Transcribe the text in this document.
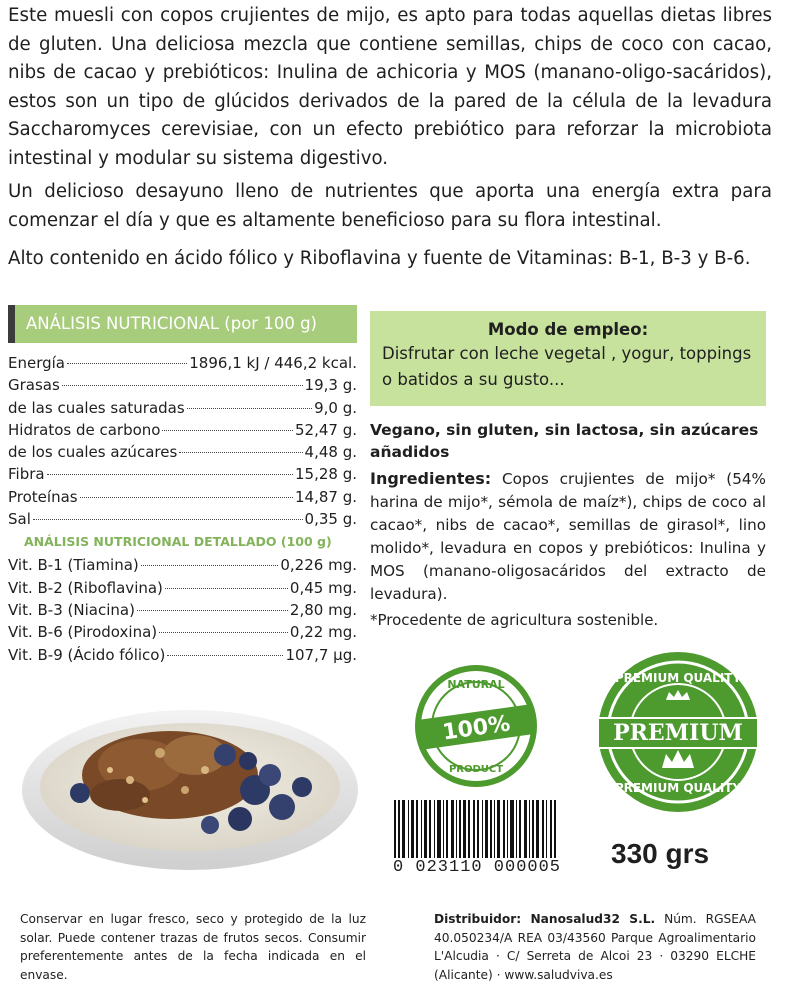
Este muesli con copos crujientes de mijo, es apto para todas aquellas dietas libres de gluten. Una deliciosa mezcla que contiene semillas, chips de coco con cacao, nibs de cacao y prebióticos: Inulina de achicoria y MOS (manano-oligo-sacáridos), estos son un tipo de glúcidos derivados de la pared de la célula de la levadura Saccharomyces cerevisiae, con un efecto prebiótico para reforzar la microbiota intestinal y modular su sistema digestivo.
Un delicioso desayuno lleno de nutrientes que aporta una energía extra para comenzar el día y que es altamente beneficioso para su flora intestinal.
Alto contenido en ácido fólico y Riboflavina y fuente de Vitaminas: B-1, B-3 y B-6.
ANÁLISIS NUTRICIONAL (por 100 g)
Energía	1896,1 kJ / 446,2 kcal.
Grasas	19,3 g.
de las cuales saturadas	9,0 g.
Hidratos de carbono	52,47 g.
de los cuales azúcares	4,48 g.
Fibra	15,28 g.
Proteínas	14,87 g.
Sal	0,35 g.
ANÁLISIS NUTRICIONAL DETALLADO (100 g)
Vit. B-1 (Tiamina)	0,226 mg.
Vit. B-2 (Riboflavina)	0,45 mg.
Vit. B-3 (Niacina)	2,80 mg.
Vit. B-6 (Pirodoxina)	0,22 mg.
Vit. B-9 (Ácido fólico)	107,7 µg.
Modo de empleo:
Disfrutar con leche vegetal , yogur, toppings o batidos a su gusto...
Vegano, sin gluten, sin lactosa, sin azúcares añadidos
Ingredientes: Copos crujientes de mijo* (54% harina de mijo*, sémola de maíz*), chips de coco al cacao*, nibs de cacao*, semillas de girasol*, lino molido*, levadura en copos y prebióticos: Inulina y MOS (manano-oligosacáridos del extracto de levadura).
*Procedente de agricultura sostenible.
NATURAL
100%
PRODUCT
PREMIUM QUALITY
PREMIUM
PREMIUM QUALITY
0 023110 000005	330 grs
Conservar en lugar fresco, seco y protegido de la luz solar. Puede contener trazas de frutos secos. Consumir preferentemente antes de la fecha indicada en el envase.
Distribuidor: Nanosalud32 S.L. Núm. RGSEAA 40.050234/A REA 03/43560 Parque Agroalimentario L'Alcudia · C/ Serreta de Alcoi 23 · 03290 ELCHE (Alicante) · www.saludviva.es
